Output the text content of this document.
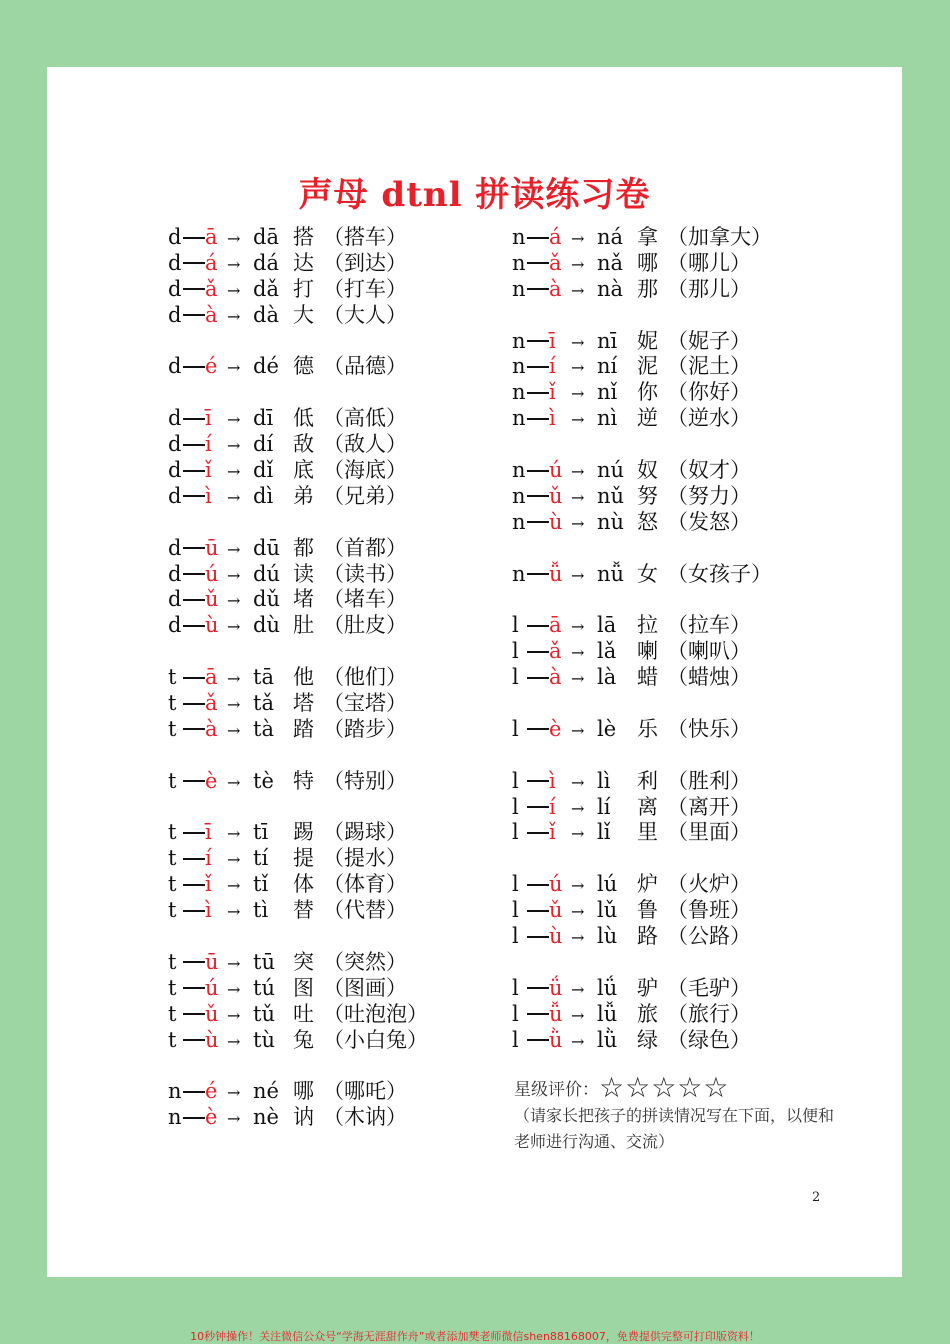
声母 dtnl 拼读练习卷
d ā → dā 搭 （搭车）
d á → dá 达 （到达）
d ǎ → dǎ 打 （打车）
d à → dà 大 （大人）
d é → dé 德 （品德）
d ī → dī 低 （高低）
d í → dí 敌 （敌人）
d ǐ → dǐ 底 （海底）
d ì → dì 弟 （兄弟）
d ū → dū 都 （首都）
d ú → dú 读 （读书）
d ǔ → dǔ 堵 （堵车）
d ù → dù 肚 （肚皮）
t ā → tā 他 （他们）
t ǎ → tǎ 塔 （宝塔）
t à → tà 踏 （踏步）
t è → tè 特 （特别）
t ī → tī 踢 （踢球）
t í → tí 提 （提水）
t ǐ → tǐ 体 （体育）
t ì → tì 替 （代替）
t ū → tū 突 （突然）
t ú → tú 图 （图画）
t ǔ → tǔ 吐 （吐泡泡）
t ù → tù 兔 （小白兔）
n é → né 哪 （哪吒）
n è → nè 讷 （木讷）
n á → ná 拿 （加拿大）
n ǎ → nǎ 哪 （哪儿）
n à → nà 那 （那儿）
n ī → nī 妮 （妮子）
n í → ní 泥 （泥土）
n ǐ → nǐ 你 （你好）
n ì → nì 逆 （逆水）
n ú → nú 奴 （奴才）
n ǔ → nǔ 努 （努力）
n ù → nù 怒 （发怒）
n ǚ → nǚ 女 （女孩子）
l ā → lā 拉 （拉车）
l ǎ → lǎ 喇 （喇叭）
l à → là 蜡 （蜡烛）
l è → lè 乐 （快乐）
l ì → lì 利 （胜利）
l í → lí 离 （离开）
l ǐ → lǐ 里 （里面）
l ú → lú 炉 （火炉）
l ǔ → lǔ 鲁 （鲁班）
l ù → lù 路 （公路）
l ǘ → lǘ 驴 （毛驴）
l ǚ → lǚ 旅 （旅行）
l ǜ → lǜ 绿 （绿色）
星级评价：☆☆☆☆☆
（请家长把孩子的拼读情况写在下面，以便和老师进行沟通、交流）
2
10秒钟操作！关注微信公众号“学海无涯甜作舟”或者添加樊老师微信shen88168007，免费提供完整可打印版资料！
